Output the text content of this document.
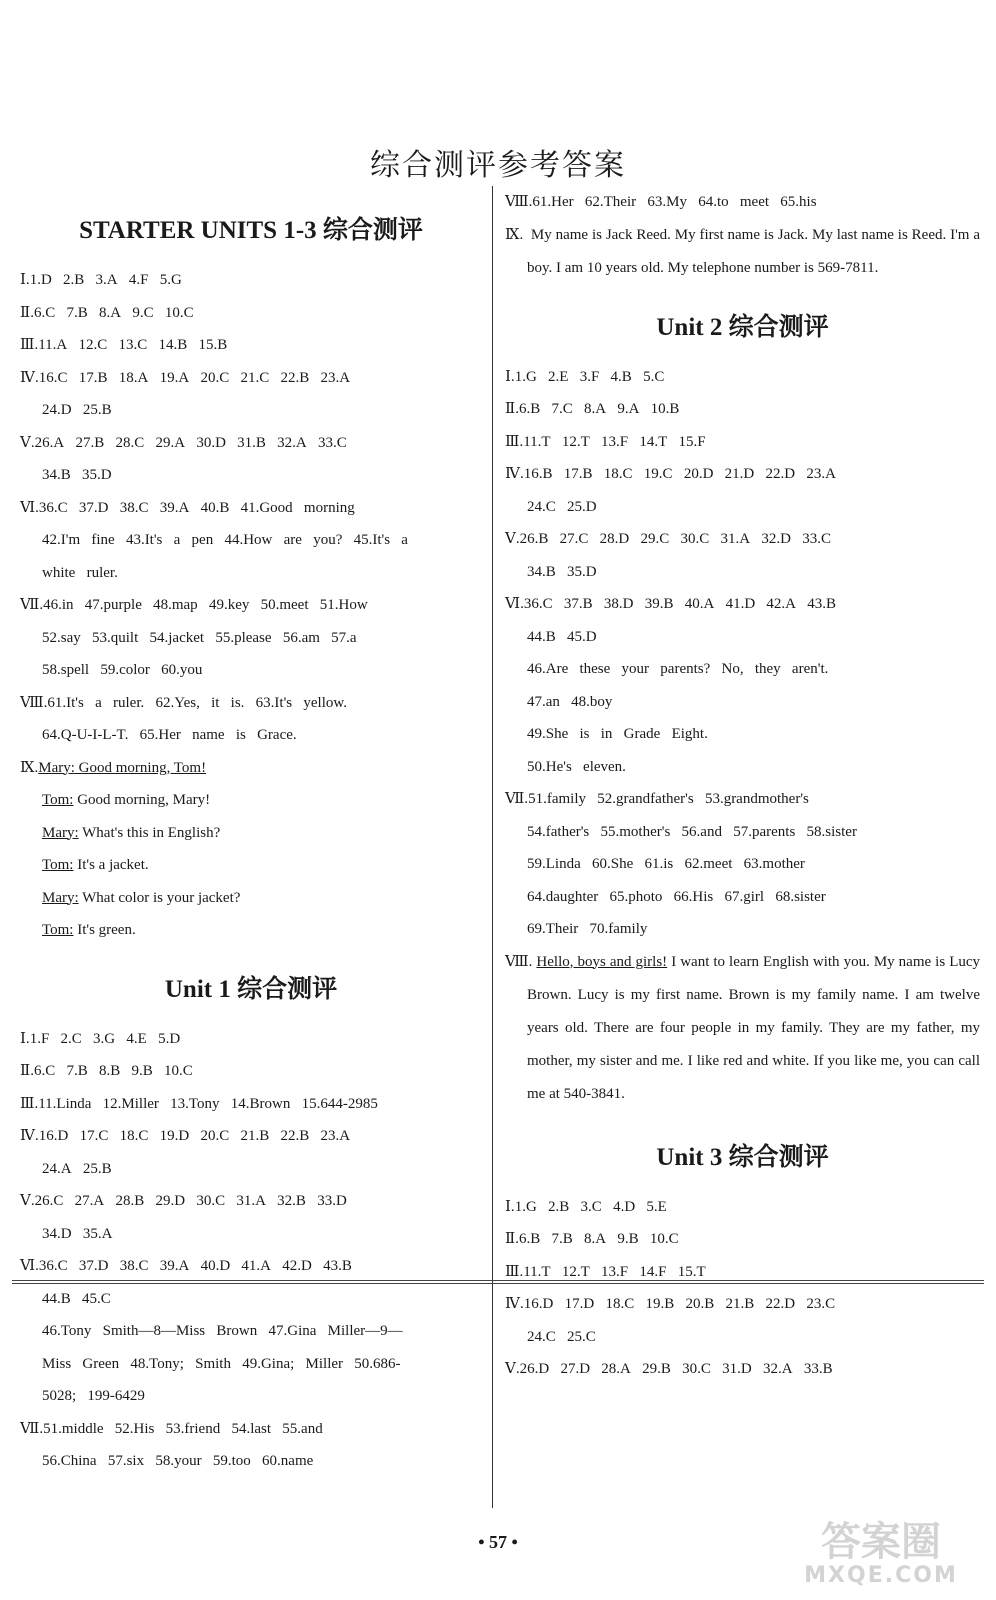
综合测评参考答案
STARTER UNITS 1-3 综合测评
Ⅰ.1.D   2.B   3.A   4.F   5.G
Ⅱ.6.C   7.B   8.A   9.C   10.C
Ⅲ.11.A   12.C   13.C   14.B   15.B
Ⅳ.16.C   17.B   18.A   19.A   20.C   21.C   22.B   23.A
24.D   25.B
Ⅴ.26.A   27.B   28.C   29.A   30.D   31.B   32.A   33.C
34.B   35.D
Ⅵ.36.C   37.D   38.C   39.A   40.B   41.Good   morning
42.I'm   fine   43.It's   a   pen   44.How   are   you?   45.It's   a
white   ruler.
Ⅶ.46.in   47.purple   48.map   49.key   50.meet   51.How
52.say   53.quilt   54.jacket   55.please   56.am   57.a
58.spell   59.color   60.you
Ⅷ.61.It's   a   ruler.   62.Yes,   it   is.   63.It's   yellow.
64.Q-U-I-L-T.   65.Her   name   is   Grace.
Ⅸ.Mary: Good morning, Tom!
Tom: Good morning, Mary!
Mary: What's this in English?
Tom: It's a jacket.
Mary: What color is your jacket?
Tom: It's green.
Unit 1 综合测评
Ⅰ.1.F   2.C   3.G   4.E   5.D
Ⅱ.6.C   7.B   8.B   9.B   10.C
Ⅲ.11.Linda   12.Miller   13.Tony   14.Brown   15.644-2985
Ⅳ.16.D   17.C   18.C   19.D   20.C   21.B   22.B   23.A
24.A   25.B
Ⅴ.26.C   27.A   28.B   29.D   30.C   31.A   32.B   33.D
34.D   35.A
Ⅵ.36.C   37.D   38.C   39.A   40.D   41.A   42.D   43.B
44.B   45.C
46.Tony   Smith—8—Miss   Brown   47.Gina   Miller—9—
Miss   Green   48.Tony;   Smith   49.Gina;   Miller   50.686-
5028;   199-6429
Ⅶ.51.middle   52.His   53.friend   54.last   55.and
56.China   57.six   58.your   59.too   60.name
Ⅷ.61.Her   62.Their   63.My   64.to   meet   65.his
Ⅸ. My name is Jack Reed. My first name is Jack. My last name is Reed. I'm a boy. I am 10 years old. My telephone number is 569-7811.
Unit 2 综合测评
Ⅰ.1.G   2.E   3.F   4.B   5.C
Ⅱ.6.B   7.C   8.A   9.A   10.B
Ⅲ.11.T   12.T   13.F   14.T   15.F
Ⅳ.16.B   17.B   18.C   19.C   20.D   21.D   22.D   23.A
24.C   25.D
Ⅴ.26.B   27.C   28.D   29.C   30.C   31.A   32.D   33.C
34.B   35.D
Ⅵ.36.C   37.B   38.D   39.B   40.A   41.D   42.A   43.B
44.B   45.D
46.Are   these   your   parents?   No,   they   aren't.
47.an   48.boy
49.She   is   in   Grade   Eight.
50.He's   eleven.
Ⅶ.51.family   52.grandfather's   53.grandmother's
54.father's   55.mother's   56.and   57.parents   58.sister
59.Linda   60.She   61.is   62.meet   63.mother
64.daughter   65.photo   66.His   67.girl   68.sister
69.Their   70.family
Ⅷ. Hello, boys and girls! I want to learn English with you. My name is Lucy Brown. Lucy is my first name. Brown is my family name. I am twelve years old. There are four people in my family. They are my father, my mother, my sister and me. I like red and white. If you like me, you can call me at 540-3841.
Unit 3 综合测评
Ⅰ.1.G   2.B   3.C   4.D   5.E
Ⅱ.6.B   7.B   8.A   9.B   10.C
Ⅲ.11.T   12.T   13.F   14.F   15.T
Ⅳ.16.D   17.D   18.C   19.B   20.B   21.B   22.D   23.C
24.C   25.C
Ⅴ.26.D   27.D   28.A   29.B   30.C   31.D   32.A   33.B
• 57 •	答案圈
MXQE.COM
